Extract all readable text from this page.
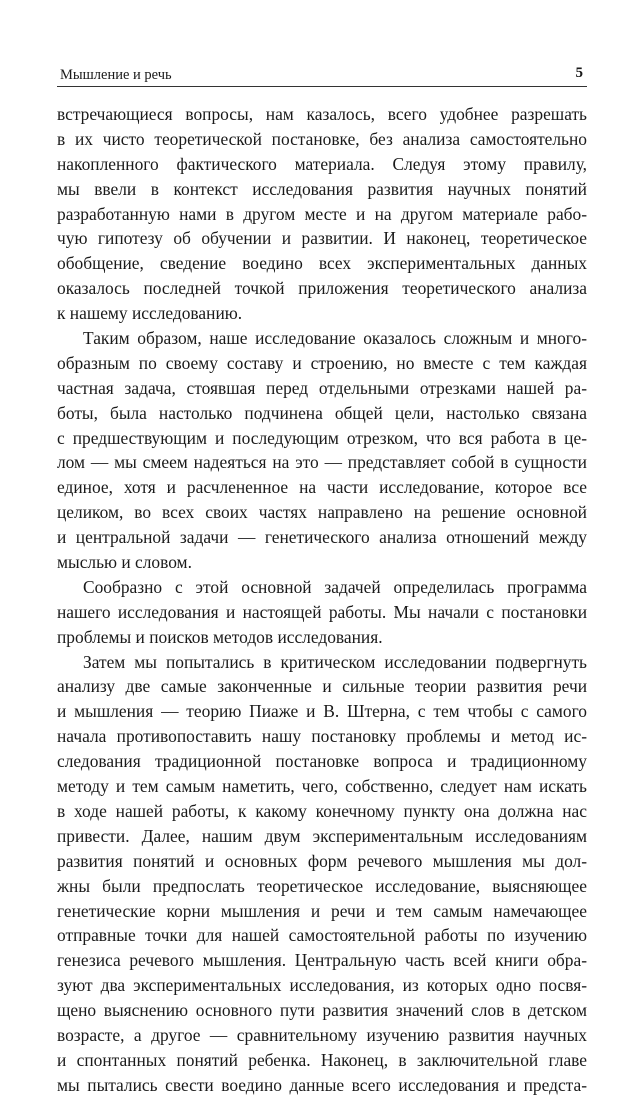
Мышление и речь	5
встречающиеся вопросы, нам казалось, всего удобнее разрешать
в их чисто теоретической постановке, без анализа самостоятельно
накопленного фактического материала. Следуя этому правилу,
мы ввели в контекст исследования развития научных понятий
разработанную нами в другом месте и на другом материале рабо-
чую гипотезу об обучении и развитии. И наконец, теоретическое
обобщение, сведение воедино всех экспериментальных данных
оказалось последней точкой приложения теоретического анализа
к нашему исследованию.
Таким образом, наше исследование оказалось сложным и много-
образным по своему составу и строению, но вместе с тем каждая
частная задача, стоявшая перед отдельными отрезками нашей ра-
боты, была настолько подчинена общей цели, настолько связана
с предшествующим и последующим отрезком, что вся работа в це-
лом — мы смеем надеяться на это — представляет собой в сущности
единое, хотя и расчлененное на части исследование, которое все
целиком, во всех своих частях направлено на решение основной
и центральной задачи — генетического анализа отношений между
мыслью и словом.
Сообразно с этой основной задачей определилась программа
нашего исследования и настоящей работы. Мы начали с постановки
проблемы и поисков методов исследования.
Затем мы попытались в критическом исследовании подвергнуть
анализу две самые законченные и сильные теории развития речи
и мышления — теорию Пиаже и В. Штерна, с тем чтобы с самого
начала противопоставить нашу постановку проблемы и метод ис-
следования традиционной постановке вопроса и традиционному
методу и тем самым наметить, чего, собственно, следует нам искать
в ходе нашей работы, к какому конечному пункту она должна нас
привести. Далее, нашим двум экспериментальным исследованиям
развития понятий и основных форм речевого мышления мы дол-
жны были предпослать теоретическое исследование, выясняющее
генетические корни мышления и речи и тем самым намечающее
отправные точки для нашей самостоятельной работы по изучению
генезиса речевого мышления. Центральную часть всей книги обра-
зуют два экспериментальных исследования, из которых одно посвя-
щено выяснению основного пути развития значений слов в детском
возрасте, а другое — сравнительному изучению развития научных
и спонтанных понятий ребенка. Наконец, в заключительной главе
мы пытались свести воедино данные всего исследования и предста-
